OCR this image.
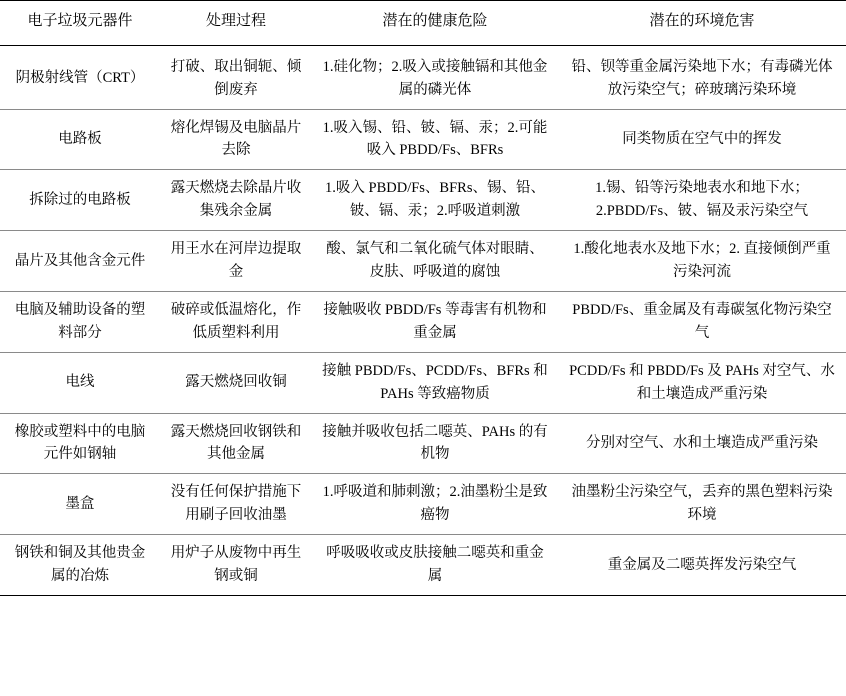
电子垃圾元器件	处理过程	潜在的健康危险	潜在的环境危害
阴极射线管（CRT）	打破、取出铜轭、倾倒废弃	1.硅化物；2.吸入或接触镉和其他金属的磷光体	铅、钡等重金属污染地下水；有毒磷光体放污染空气；碎玻璃污染环境
电路板	熔化焊锡及电脑晶片去除	1.吸入锡、铅、铍、镉、汞；2.可能吸入 PBDD/Fs、BFRs	同类物质在空气中的挥发
拆除过的电路板	露天燃烧去除晶片收集残余金属	1.吸入 PBDD/Fs、BFRs、锡、铅、铍、镉、汞；2.呼吸道刺激	1.锡、铅等污染地表水和地下水；2.PBDD/Fs、铍、镉及汞污染空气
晶片及其他含金元件	用王水在河岸边提取金	酸、氯气和二氧化硫气体对眼睛、皮肤、呼吸道的腐蚀	1.酸化地表水及地下水；2. 直接倾倒严重污染河流
电脑及辅助设备的塑料部分	破碎或低温熔化，作低质塑料利用	接触吸收 PBDD/Fs 等毒害有机物和重金属	PBDD/Fs、重金属及有毒碳氢化物污染空气
电线	露天燃烧回收铜	接触 PBDD/Fs、PCDD/Fs、BFRs 和 PAHs 等致癌物质	PCDD/Fs 和 PBDD/Fs 及 PAHs 对空气、水和土壤造成严重污染
橡胶或塑料中的电脑元件如钢轴	露天燃烧回收钢铁和其他金属	接触并吸收包括二噁英、PAHs 的有机物	分别对空气、水和土壤造成严重污染
墨盒	没有任何保护措施下用刷子回收油墨	1.呼吸道和肺刺激；2.油墨粉尘是致癌物	油墨粉尘污染空气，丢弃的黑色塑料污染环境
钢铁和铜及其他贵金属的冶炼	用炉子从废物中再生钢或铜	呼吸吸收或皮肤接触二噁英和重金属	重金属及二噁英挥发污染空气
